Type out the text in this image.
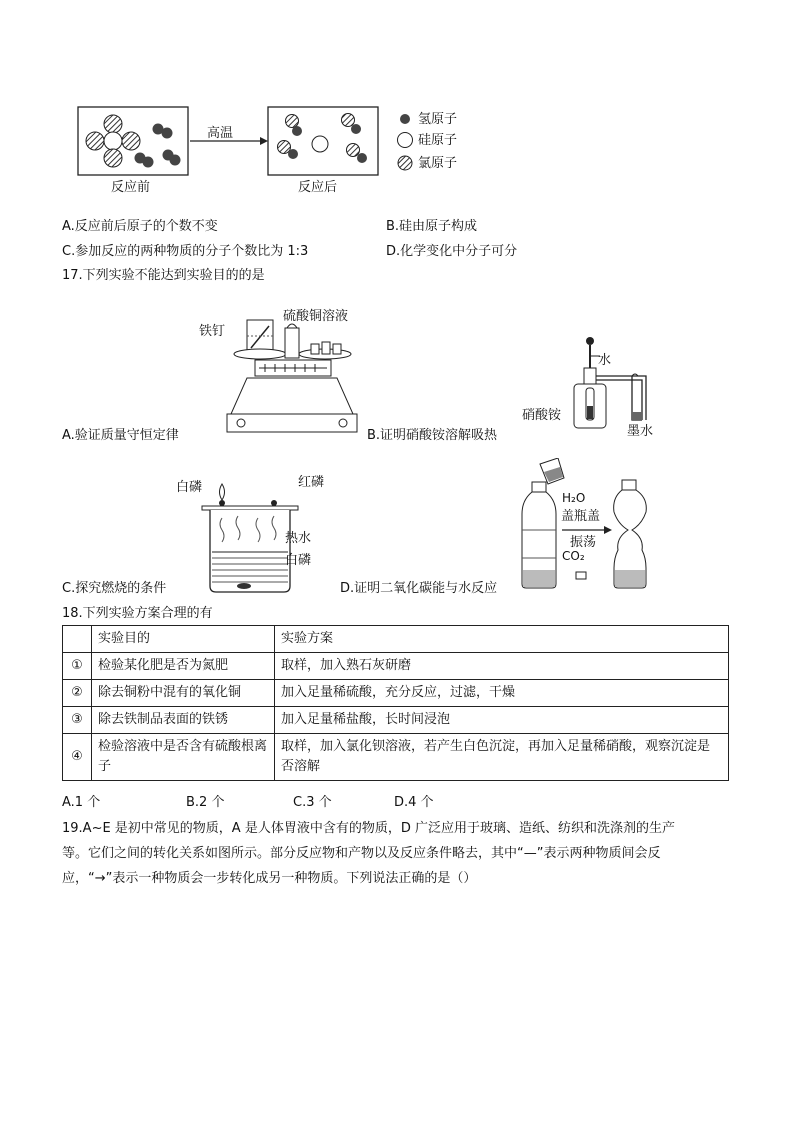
高温
反应前	反应后
氢原子
硅原子
氯原子
A.反应前后原子的个数不变	B.硅由原子构成
C.参加反应的两种物质的分子个数比为 1:3	D.化学变化中分子可分
17.下列实验不能达到实验目的的是
铁钉
硫酸铜溶液
水
硝酸铵
墨水
A.验证质量守恒定律	B.证明硝酸铵溶解吸热
白磷	红磷
热水
白磷
H₂O
盖瓶盖
振荡
CO₂
C.探究燃烧的条件	D.证明二氧化碳能与水反应
18.下列实验方案合理的有
	实验目的	实验方案
①	检验某化肥是否为氮肥	取样，加入熟石灰研磨
②	除去铜粉中混有的氧化铜	加入足量稀硫酸，充分反应，过滤，干燥
③	除去铁制品表面的铁锈	加入足量稀盐酸，长时间浸泡
④	检验溶液中是否含有硫酸根离子	取样，加入氯化钡溶液，若产生白色沉淀，再加入足量稀硝酸，观察沉淀是否溶解
A.1 个	B.2 个	C.3 个	D.4 个
19.A~E 是初中常见的物质，A 是人体胃液中含有的物质，D 广泛应用于玻璃、造纸、纺织和洗涤剂的生产
等。它们之间的转化关系如图所示。部分反应物和产物以及反应条件略去，其中“—”表示两种物质间会反
应，“→”表示一种物质会一步转化成另一种物质。下列说法正确的是（）
